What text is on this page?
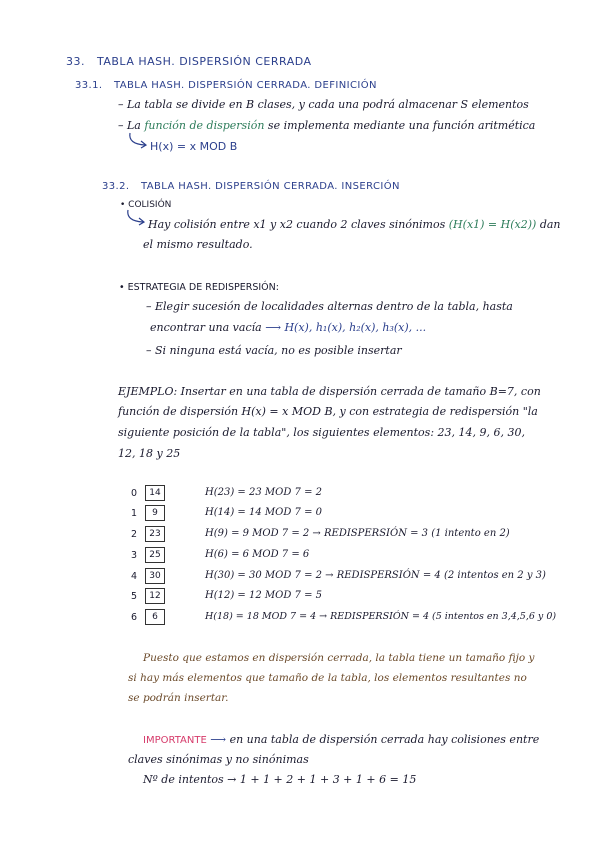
33. TABLA HASH. DISPERSIÓN CERRADA
33.1. TABLA HASH. DISPERSIÓN CERRADA. DEFINICIÓN
– La tabla se divide en B clases, y cada una podrá almacenar S elementos
– La función de dispersión se implementa mediante una función aritmética
H(x) = x MOD B
33.2. TABLA HASH. DISPERSIÓN CERRADA. INSERCIÓN
• COLISIÓN
Hay colisión entre x1 y x2 cuando 2 claves sinónimos (H(x1) = H(x2)) dan
el mismo resultado.
• ESTRATEGIA DE REDISPERSIÓN:
– Elegir sucesión de localidades alternas dentro de la tabla, hasta
encontrar una vacía ⟶ H(x), h₁(x), h₂(x), h₃(x), ...
– Si ninguna está vacía, no es posible insertar
EJEMPLO: Insertar en una tabla de dispersión cerrada de tamaño B=7, con
función de dispersión H(x) = x MOD B, y con estrategia de redispersión "la
siguiente posición de la tabla", los siguientes elementos: 23, 14, 9, 6, 30,
12, 18 y 25
0	14	H(23) = 23 MOD 7 = 2
1	9	H(14) = 14 MOD 7 = 0
2	23	H(9) = 9 MOD 7 = 2 → REDISPERSIÓN = 3 (1 intento en 2)
3	25	H(6) = 6 MOD 7 = 6
4	30	H(30) = 30 MOD 7 = 2 → REDISPERSIÓN = 4 (2 intentos en 2 y 3)
5	12	H(12) = 12 MOD 7 = 5
6	6	H(18) = 18 MOD 7 = 4 → REDISPERSIÓN = 4 (5 intentos en 3,4,5,6 y 0)
Puesto que estamos en dispersión cerrada, la tabla tiene un tamaño fijo y
si hay más elementos que tamaño de la tabla, los elementos resultantes no
se podrán insertar.
IMPORTANTE ⟶ en una tabla de dispersión cerrada hay colisiones entre
claves sinónimas y no sinónimas
Nº de intentos → 1 + 1 + 2 + 1 + 3 + 1 + 6 = 15
